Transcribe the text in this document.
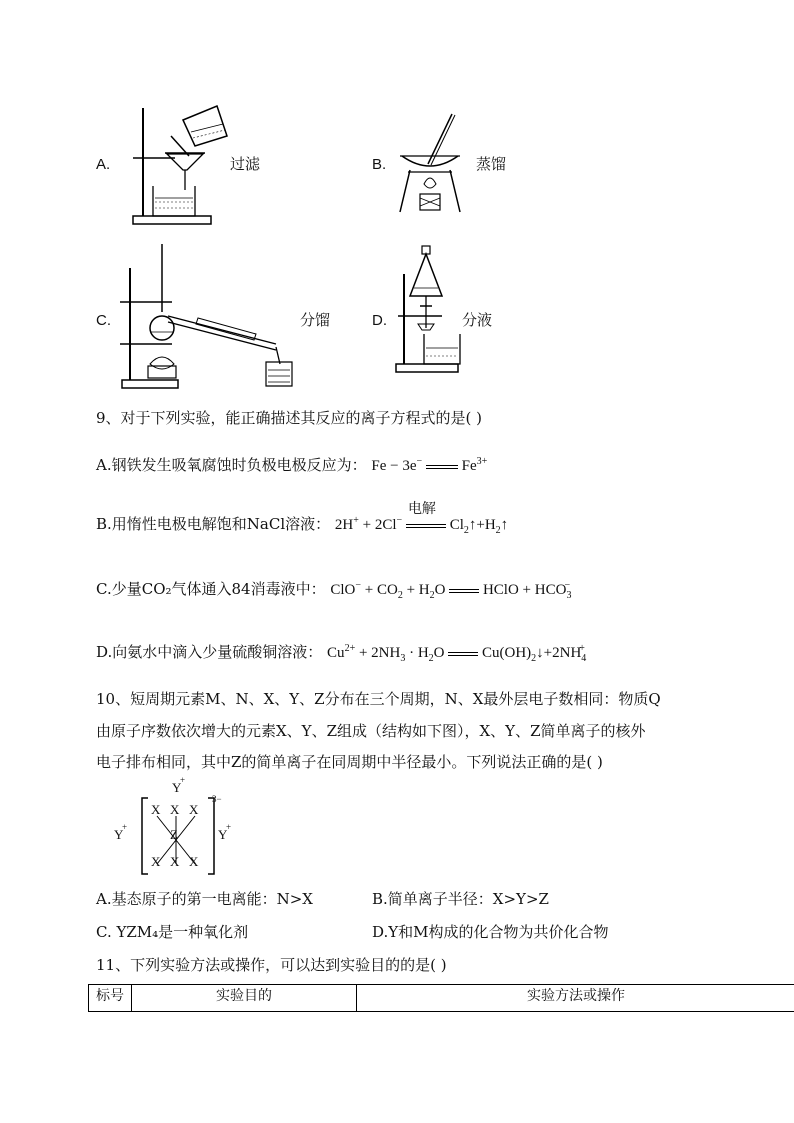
A.	过滤	B.	蒸馏
C.	分馏	D.	分液
9、对于下列实验，能正确描述其反应的离子方程式的是( )
A.钢铁发生吸氧腐蚀时负极电极反应为： Fe − 3e−  $Fe^{3+}$
B.用惰性电极电解饱和NaCl溶液： 2H+ + 2Cl−
电解
$Cl_2↑+H_2↑$
C.少量CO₂气体通入84消毒液中： $ClO^- + CO_2 + H_2O$  HClO + $HCO_3^-$
D.向氨水中滴入少量硫酸铜溶液： $Cu^{2+} + 2NH_3 \cdot H_2O$  $Cu(OH)_2↓+2NH_4^+$
10、短周期元素M、N、X、Y、Z分布在三个周期，N、X最外层电子数相同：物质Q
由原子序数依次增大的元素X、Y、Z组成（结构如下图），X、Y、Z简单离子的核外
电子排布相同，其中Z的简单离子在同周期中半径最小。下列说法正确的是( )
Y
+
X X X
Z
X X X
3−
Y
+	Y
+
A.基态原子的第一电离能：N>X	B.简单离子半径：X>Y>Z
C. YZM₄是一种氧化剂	D.Y和M构成的化合物为共价化合物
11、下列实验方法或操作，可以达到实验目的的是( )
标号	实验目的	实验方法或操作
